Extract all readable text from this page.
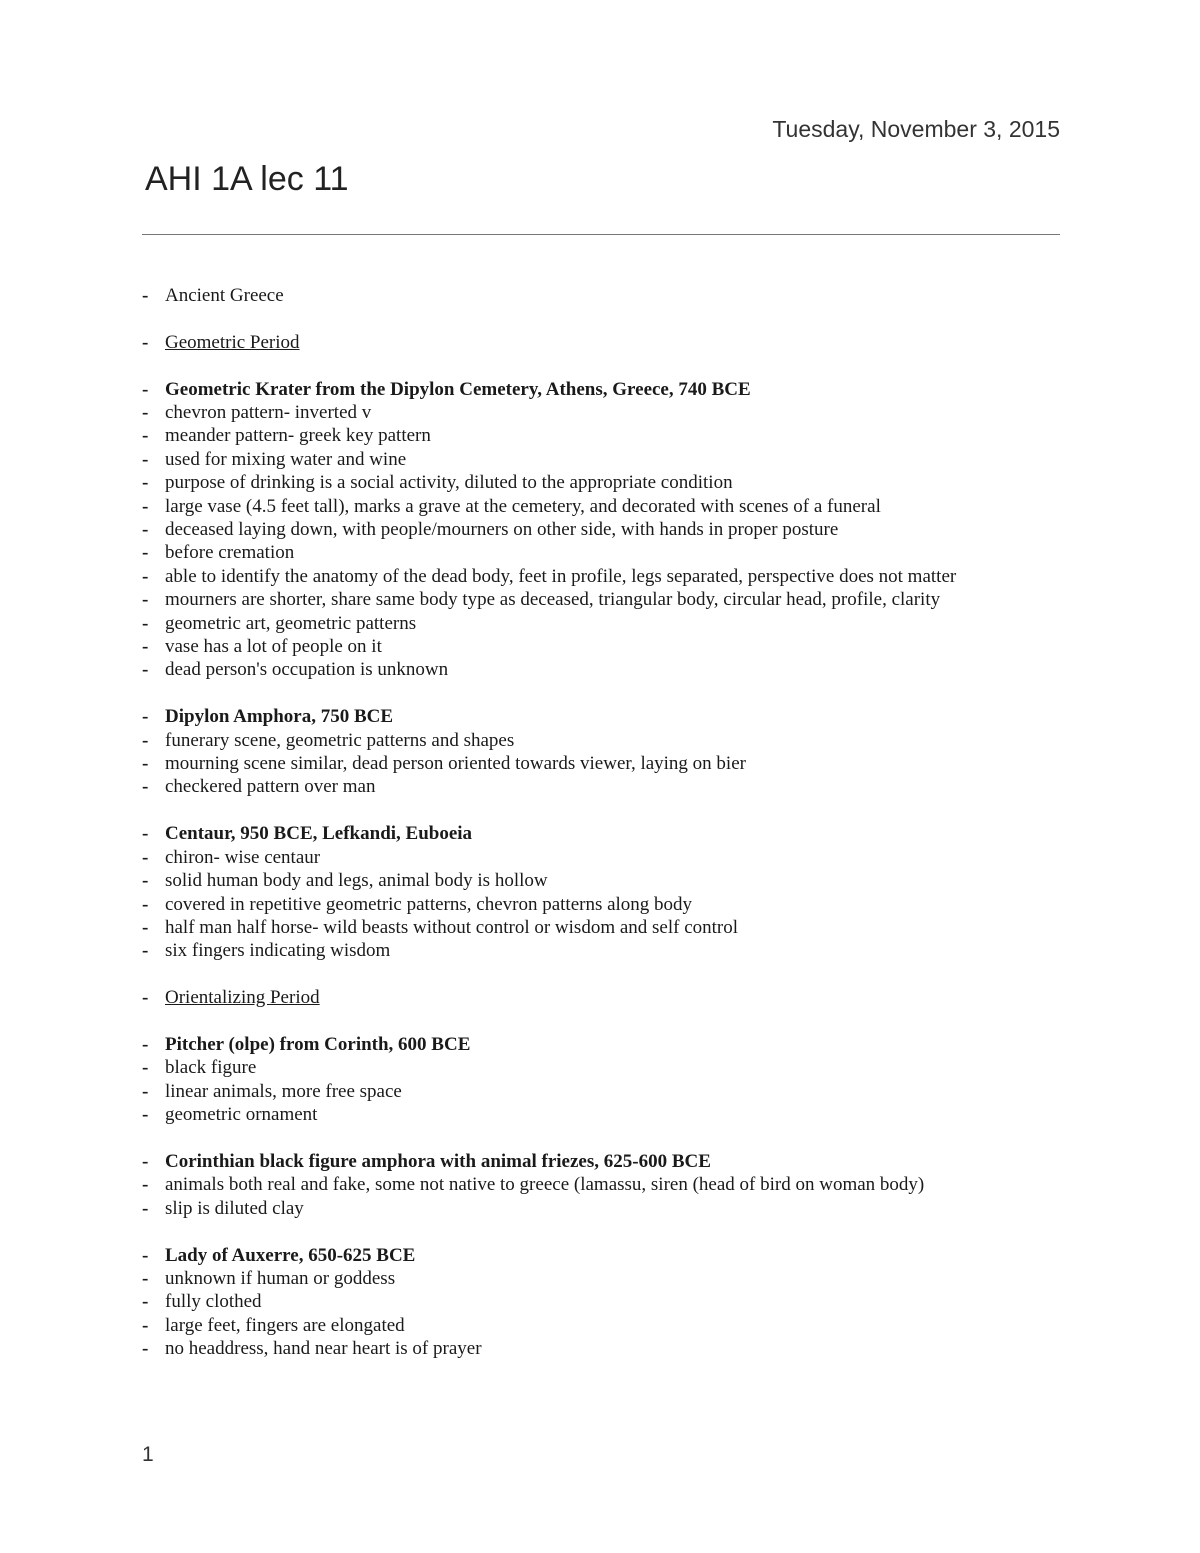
Tuesday, November 3, 2015
AHI 1A lec 11
- Ancient Greece
- Geometric Period
- Geometric Krater from the Dipylon Cemetery, Athens, Greece, 740 BCE
- chevron pattern- inverted v
- meander pattern- greek key pattern
- used for mixing water and wine
- purpose of drinking is a social activity, diluted to the appropriate condition
- large vase (4.5 feet tall), marks a grave at the cemetery, and decorated with scenes of a funeral
- deceased laying down, with people/mourners on other side, with hands in proper posture
- before cremation
- able to identify the anatomy of the dead body, feet in profile, legs separated, perspective does not matter
- mourners are shorter, share same body type as deceased, triangular body, circular head, profile, clarity
- geometric art, geometric patterns
- vase has a lot of people on it
- dead person's occupation is unknown
- Dipylon Amphora, 750 BCE
- funerary scene, geometric patterns and shapes
- mourning scene similar, dead person oriented towards viewer, laying on bier
- checkered pattern over man
- Centaur, 950 BCE, Lefkandi, Euboeia
- chiron- wise centaur
- solid human body and legs, animal body is hollow
- covered in repetitive geometric patterns, chevron patterns along body
- half man half horse- wild beasts without control or wisdom and self control
- six fingers indicating wisdom
- Orientalizing Period
- Pitcher (olpe) from Corinth, 600 BCE
- black figure
- linear animals, more free space
- geometric ornament
- Corinthian black figure amphora with animal friezes, 625-600 BCE
- animals both real and fake, some not native to greece (lamassu, siren (head of bird on woman body)
- slip is diluted clay
- Lady of Auxerre, 650-625 BCE
- unknown if human or goddess
- fully clothed
- large feet, fingers are elongated
- no headdress, hand near heart is of prayer
1
